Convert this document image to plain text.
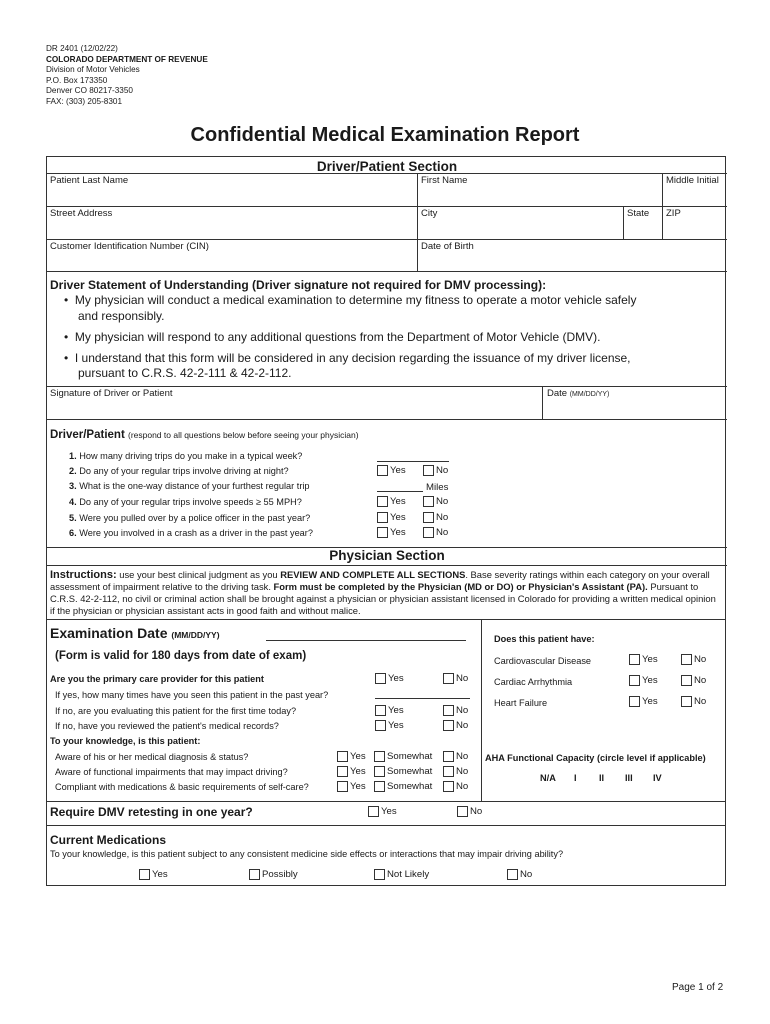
DR 2401 (12/02/22)
COLORADO DEPARTMENT OF REVENUE
Division of Motor Vehicles
P.O. Box 173350
Denver CO 80217-3350
FAX: (303) 205-8301
Confidential Medical Examination Report
Driver/Patient Section
Patient Last Name	First Name	Middle Initial
Street Address	City	State ZIP
Customer Identification Number (CIN)	Date of Birth
Driver Statement of Understanding (Driver signature not required for DMV processing):
•  My physician will conduct a medical examination to determine my fitness to operate a motor vehicle safely
and responsibly.
•  My physician will respond to any additional questions from the Department of Motor Vehicle (DMV).
•  I understand that this form will be considered in any decision regarding the issuance of my driver license,
pursuant to C.R.S. 42-2-111 & 42-2-112.
Signature of Driver or Patient	Date (MM/DD/YY)
Driver/Patient (respond to all questions below before seeing your physician)
1. How many driving trips do you make in a typical week?
2. Do any of your regular trips involve driving at night?	Yes	No
3. What is the one-way distance of your furthest regular trip	Miles
4. Do any of your regular trips involve speeds ≥ 55 MPH?	Yes	No
5. Were you pulled over by a police officer in the past year?	Yes	No
6. Were you involved in a crash as a driver in the past year?	Yes	No
Physician Section
Instructions: use your best clinical judgment as you REVIEW AND COMPLETE ALL SECTIONS. Base severity ratings within each category on your overall assessment of impairment relative to the driving task. Form must be completed by the Physician (MD or DO) or Physician's Assistant (PA). Pursuant to C.R.S. 42-2-112, no civil or criminal action shall be brought against a physician or physician assistant licensed in Colorado for providing a written medical opinion if the physician or physician assistant acts in good faith and without malice.
Examination Date (MM/DD/YY)
(Form is valid for 180 days from date of exam)
Are you the primary care provider for this patient	Yes	No
If yes, how many times have you seen this patient in the past year?
If no, are you evaluating this patient for the first time today?	Yes	No
If no, have you reviewed the patient's medical records?	Yes	No
To your knowledge, is this patient:
Aware of his or her medical diagnosis & status?	Yes	Somewhat	No
Aware of functional impairments that may impact driving?	Yes	Somewhat	No
Compliant with medications & basic requirements of self-care?	Yes	Somewhat	No
Does this patient have:
Cardiovascular Disease	Yes	No
Cardiac Arrhythmia	Yes	No
Heart Failure	Yes	No
AHA Functional Capacity (circle level if applicable)
N/A I II III IV
Require DMV retesting in one year?	Yes	No
Current Medications
To your knowledge, is this patient subject to any consistent medicine side effects or interactions that may impair driving ability?
Yes	Possibly	Not Likely	No
Page 1 of 2
